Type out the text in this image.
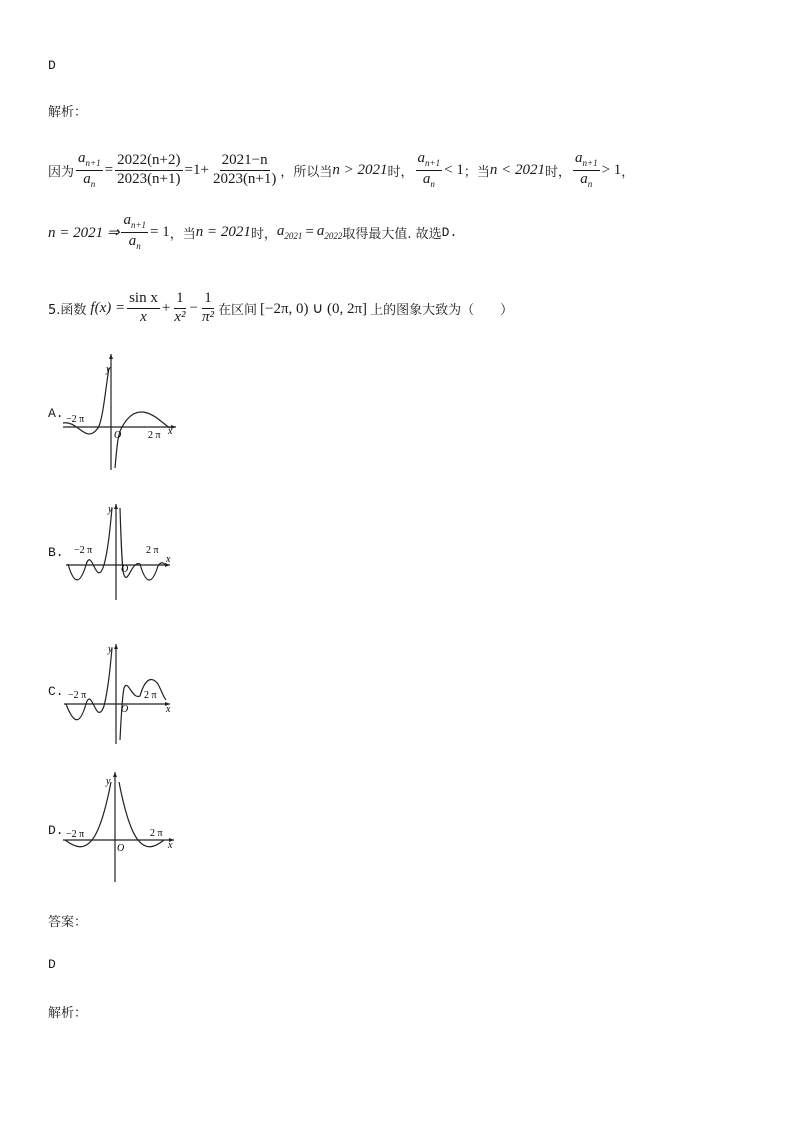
D
解析：
因为 $\frac{a_{n+1}}{a_n} = \frac{2022(n+2)}{2023(n+1)} =1+ \frac{2021-n}{2023(n+1)}$ ，所以当 n > 2021 时， $\frac{a_{n+1}}{a_n} < 1$ ；当 n < 2021 时， $\frac{a_{n+1}}{a_n} > 1$ ，
n = 2021 ⇒ $\frac{a_{n+1}}{a_n} = 1$ ，当 n = 2021 时， $a_{2021} = a_{2022}$ 取得最大值. 故选 D .
5.函数 $f(x) = \frac{\text{sin x}}{x} + \frac{1}{\text{x²}} - \frac{1}{\text{π²}}$ 在区间 [−2π, 0) ∪ (0, 2π] 上的图象大致为（　　）
A.
y
x
O
−2 π
2 π
B.
y
x
O
−2 π	2 π
C.
y
x
O
−2 π	2 π
D.
y
x
O
−2 π	2 π
答案：
D
解析：
